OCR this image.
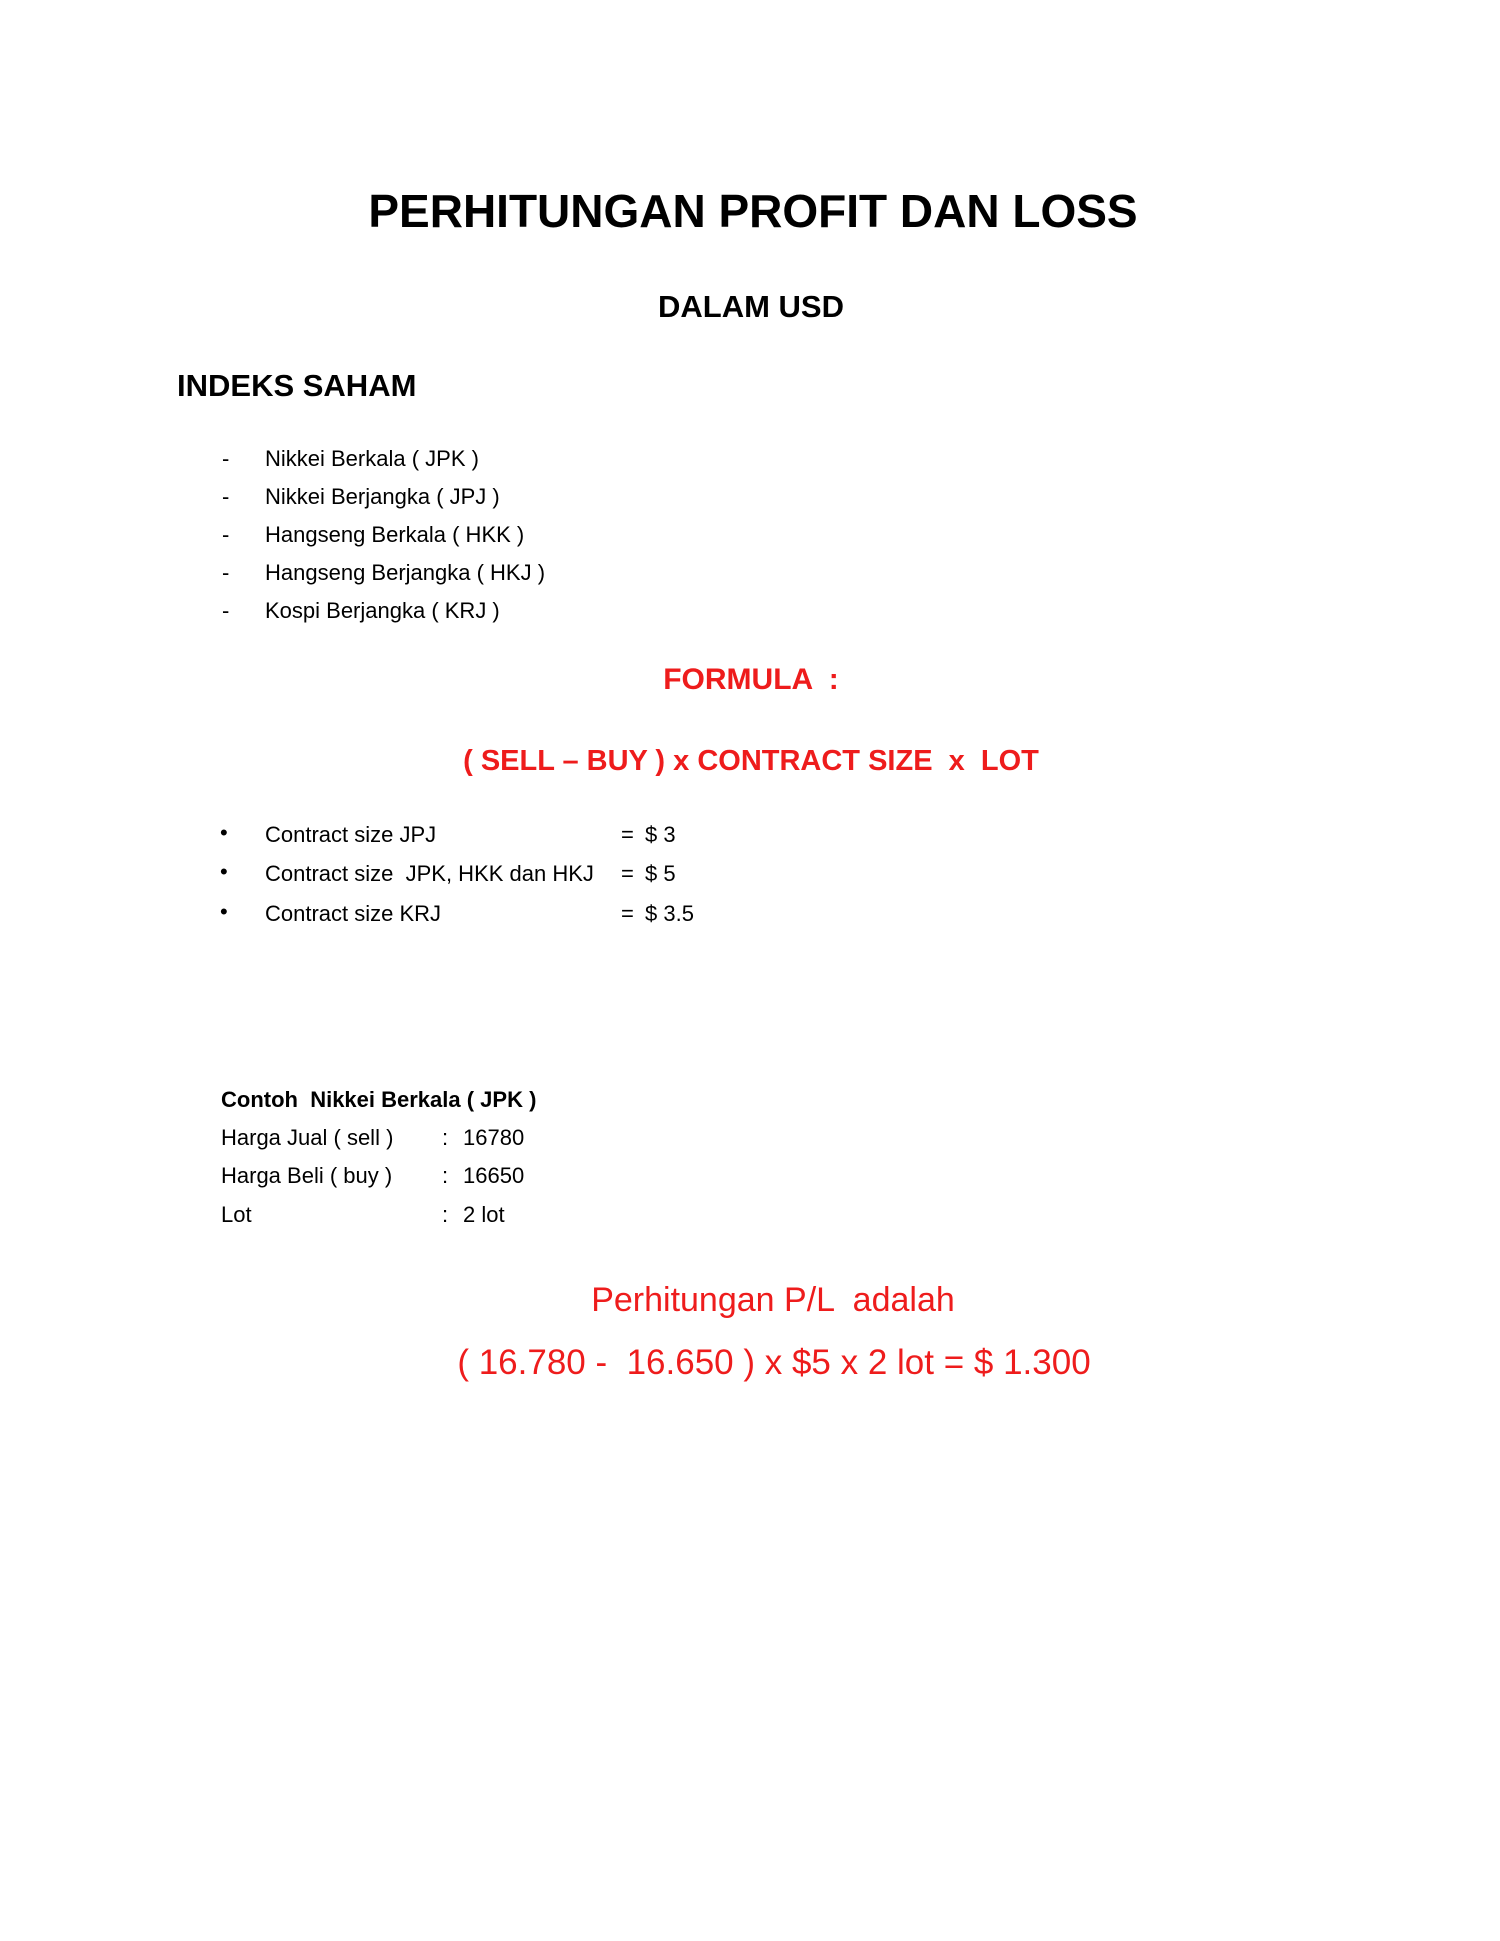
PERHITUNGAN PROFIT DAN LOSS
DALAM USD
INDEKS SAHAM
- Nikkei Berkala ( JPK )
- Nikkei Berjangka ( JPJ )
- Hangseng Berkala ( HKK )
- Hangseng Berjangka ( HKJ )
- Kospi Berjangka ( KRJ )
FORMULA  :
( SELL – BUY ) x CONTRACT SIZE  x  LOT
• Contract size JPJ	= $ 3
• Contract size  JPK, HKK dan HKJ = $ 5
• Contract size KRJ	= $ 3.5
Contoh  Nikkei Berkala ( JPK )
Harga Jual ( sell ) : 16780
Harga Beli ( buy ) : 16650
Lot	: 2 lot
Perhitungan P/L  adalah
( 16.780 -  16.650 ) x $5 x 2 lot = $ 1.300
